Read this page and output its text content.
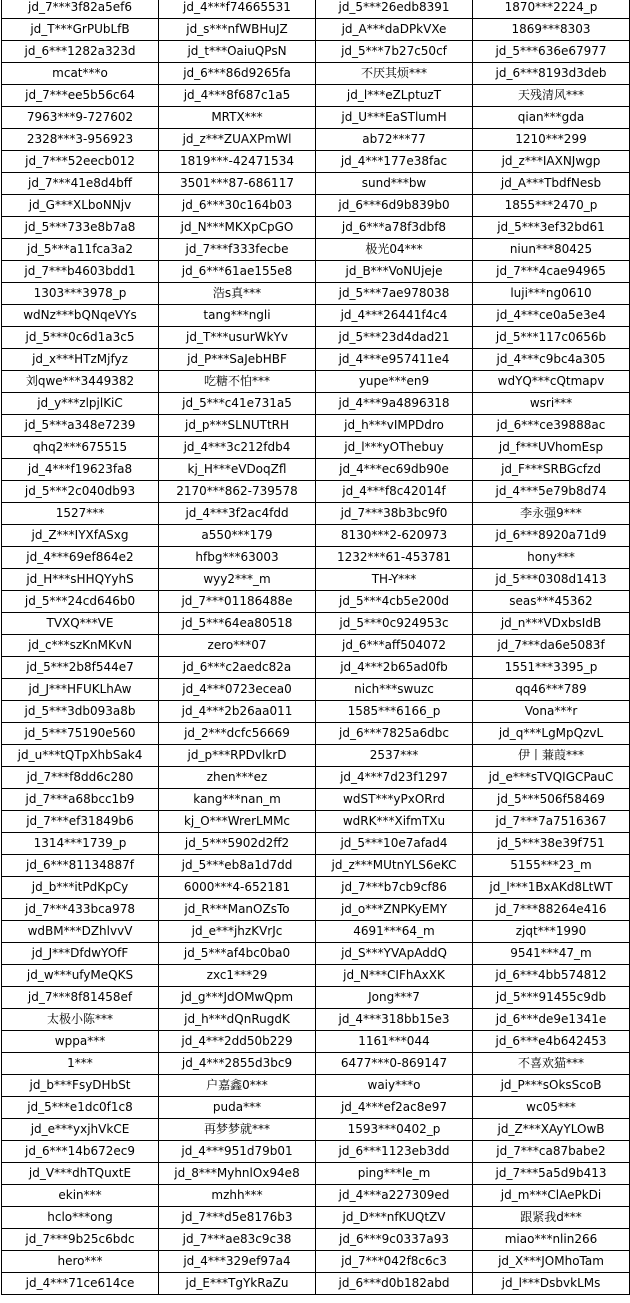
jd_7***3f82a5ef6	jd_4***f74665531	jd_5***26edb8391	1870***2224_p
jd_T***GrPUbLfB	jd_s***nfWBHuJZ	jd_A***daDPkVXe	1869***8303
jd_6***1282a323d	jd_t***OaiuQPsN	jd_5***7b27c50cf	jd_5***636e67977
mcat***o	jd_6***86d9265fa	不厌其烦***	jd_6***8193d3deb
jd_7***ee5b56c64	jd_4***8f687c1a5	jd_l***eZLptuzT	天残清风***
7963***9-727602	MRTX***	jd_U***EaSTlumH	qian***gda
2328***3-956923	jd_z***ZUAXPmWl	ab72***77	1210***299
jd_7***52eecb012	1819***-42471534	jd_4***177e38fac	jd_z***IAXNJwgp
jd_7***41e8d4bff	3501***87-686117	sund***bw	jd_A***TbdfNesb
jd_G***XLboNNjv	jd_6***30c164b03	jd_6***6d9b839b0	1855***2470_p
jd_5***733e8b7a8	jd_N***MKXpCpGO	jd_6***a78f3dbf8	jd_5***3ef32bd61
jd_5***a11fca3a2	jd_7***f333fecbe	极光04***	niun***80425
jd_7***b4603bdd1	jd_6***61ae155e8	jd_B***VoNUjeje	jd_7***4cae94965
1303***3978_p	浩s真***	jd_5***7ae978038	luji***ng0610
wdNz***bQNqeVYs	tang***ngli	jd_4***26441f4c4	jd_4***ce0a5e3e4
jd_5***0c6d1a3c5	jd_T***usurWkYv	jd_5***23d4dad21	jd_5***117c0656b
jd_x***HTzMjfyz	jd_P***SaJebHBF	jd_4***e957411e4	jd_4***c9bc4a305
刘qwe***3449382	吃糖不怕***	yupe***en9	wdYQ***cQtmapv
jd_y***zlpjlKiC	jd_5***c41e731a5	jd_4***9a4896318	wsri***
jd_5***a348e7239	jd_p***SLNUTtRH	jd_h***vIMPDdro	jd_6***ce39888ac
qhq2***675515	jd_4***3c212fdb4	jd_l***yOThebuy	jd_f***UVhomEsp
jd_4***f19623fa8	kj_H***eVDoqZfl	jd_4***ec69db90e	jd_F***SRBGcfzd
jd_5***2c040db93	2170***862-739578	jd_4***f8c42014f	jd_4***5e79b8d74
1527***	jd_4***3f2ac4fdd	jd_7***38b3bc9f0	李永强9***
jd_Z***IYXfASxg	a550***179	8130***2-620973	jd_6***8920a71d9
jd_4***69ef864e2	hfbg***63003	1232***61-453781	hony***
jd_H***sHHQYyhS	wyy2***_m	TH-Y***	jd_5***0308d1413
jd_5***24cd646b0	jd_7***01186488e	jd_5***4cb5e200d	seas***45362
TVXQ***VE	jd_5***64ea80518	jd_5***0c924953c	jd_n***VDxbsIdB
jd_c***szKnMKvN	zero***07	jd_6***aff504072	jd_7***da6e5083f
jd_5***2b8f544e7	jd_6***c2aedc82a	jd_4***2b65ad0fb	1551***3395_p
jd_J***HFUKLhAw	jd_4***0723ecea0	nich***swuzc	qq46***789
jd_5***3db093a8b	jd_4***2b26aa011	1585***6166_p	Vona***r
jd_5***75190e560	jd_2***dcfc56669	jd_6***7825a6dbc	jd_q***LgMpQzvL
jd_u***tQTpXhbSak4	jd_p***RPDvlkrD	2537***	伊丨蒹葭***
jd_7***f8dd6c280	zhen***ez	jd_4***7d23f1297	jd_e***sTVQIGCPauC
jd_7***a68bcc1b9	kang***nan_m	wdST***yPxORrd	jd_5***506f58469
jd_7***ef31849b6	kj_O***WrerLMMc	wdRK***XifmTXu	jd_7***7a7516367
1314***1739_p	jd_5***5902d2ff2	jd_5***10e7afad4	jd_5***38e39f751
jd_6***81134887f	jd_5***eb8a1d7dd	jd_z***MUtnYLS6eKC	5155***23_m
jd_b***itPdKpCy	6000***4-652181	jd_7***b7cb9cf86	jd_l***1BxAKd8LtWT
jd_7***433bca978	jd_R***ManOZsTo	jd_o***ZNPKyEMY	jd_7***88264e416
wdBM***DZhlvvV	jd_e***jhzKVrJc	4691***64_m	zjqt***1990
jd_J***DfdwYOfF	jd_5***af4bc0ba0	jd_S***YVApAddQ	9541***47_m
jd_w***ufyMeQKS	zxc1***29	jd_N***CIFhAxXK	jd_6***4bb574812
jd_7***8f81458ef	jd_g***JdOMwQpm	Jong***7	jd_5***91455c9db
太极小陈***	jd_h***dQnRugdK	jd_4***318bb15e3	jd_6***de9e1341e
wppa***	jd_4***2dd50b229	1161***044	jd_6***e4b642453
1***	jd_4***2855d3bc9	6477***0-869147	不喜欢猫***
jd_b***FsyDHbSt	户嘉鑫0***	waiy***o	jd_P***sOksScoB
jd_5***e1dc0f1c8	puda***	jd_4***ef2ac8e97	wc05***
jd_e***yxjhVkCE	再梦梦就***	1593***0402_p	jd_Z***XAyYLOwB
jd_6***14b672ec9	jd_4***951d79b01	jd_6***1123eb3dd	jd_7***ca87babe2
jd_V***dhTQuxtE	jd_8***MyhnlOx94e8	ping***le_m	jd_7***5a5d9b413
ekin***	mzhh***	jd_4***a227309ed	jd_m***ClAePkDi
hclo***ong	jd_7***d5e8176b3	jd_D***nfKUQtZV	跟紧我d***
jd_7***9b25c6bdc	jd_7***ae83c9c38	jd_6***9c0337a93	miao***nlin266
hero***	jd_4***329ef97a4	jd_7***042f8c6c3	jd_X***JOMhoTam
jd_4***71ce614ce	jd_E***TgYkRaZu	jd_6***d0b182abd	jd_l***DsbvkLMs
